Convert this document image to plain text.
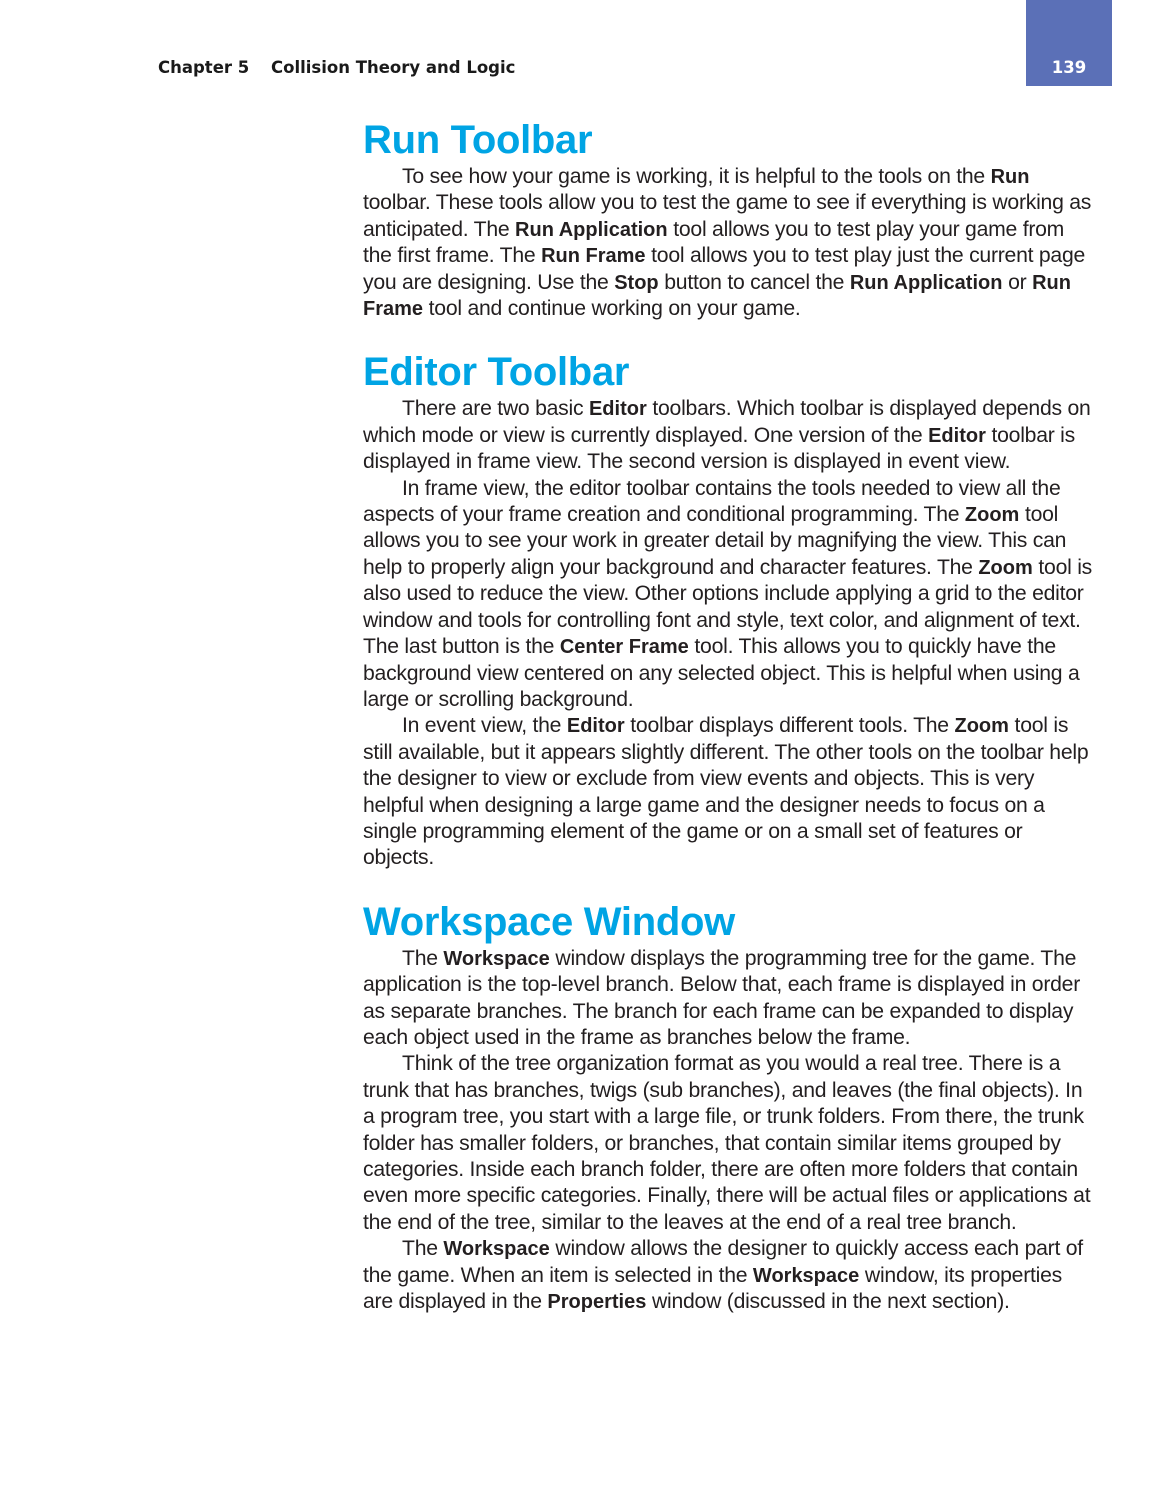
Chapter 5 Collision Theory and Logic	139
Run Toolbar

To see how your game is working, it is helpful to the tools on the Run toolbar. These tools allow you to test the game to see if everything is working as anticipated. The Run Application tool allows you to test play your game from the first frame. The Run Frame tool allows you to test play just the current page you are designing. Use the Stop button to cancel the Run Application or Run Frame tool and continue working on your game.

Editor Toolbar

There are two basic Editor toolbars. Which toolbar is displayed depends on which mode or view is currently displayed. One version of the Editor toolbar is displayed in frame view. The second version is displayed in event view.

In frame view, the editor toolbar contains the tools needed to view all the aspects of your frame creation and conditional programming. The Zoom tool allows you to see your work in greater detail by magnifying the view. This can help to properly align your background and character features. The Zoom tool is also used to reduce the view. Other options include applying a grid to the editor window and tools for controlling font and style, text color, and alignment of text. The last button is the Center Frame tool. This allows you to quickly have the background view centered on any selected object. This is helpful when using a large or scrolling background.

In event view, the Editor toolbar displays different tools. The Zoom tool is still available, but it appears slightly different. The other tools on the toolbar help the designer to view or exclude from view events and objects. This is very helpful when designing a large game and the designer needs to focus on a single programming element of the game or on a small set of features or objects.

Workspace Window

The Workspace window displays the programming tree for the game. The application is the top-level branch. Below that, each frame is displayed in order as separate branches. The branch for each frame can be expanded to display each object used in the frame as branches below the frame.

Think of the tree organization format as you would a real tree. There is a trunk that has branches, twigs (sub branches), and leaves (the final objects). In a program tree, you start with a large file, or trunk folders. From there, the trunk folder has smaller folders, or branches, that contain similar items grouped by categories. Inside each branch folder, there are often more folders that contain even more specific categories. Finally, there will be actual files or applications at the end of the tree, similar to the leaves at the end of a real tree branch.

The Workspace window allows the designer to quickly access each part of the game. When an item is selected in the Workspace window, its properties are displayed in the Properties window (discussed in the next section).
